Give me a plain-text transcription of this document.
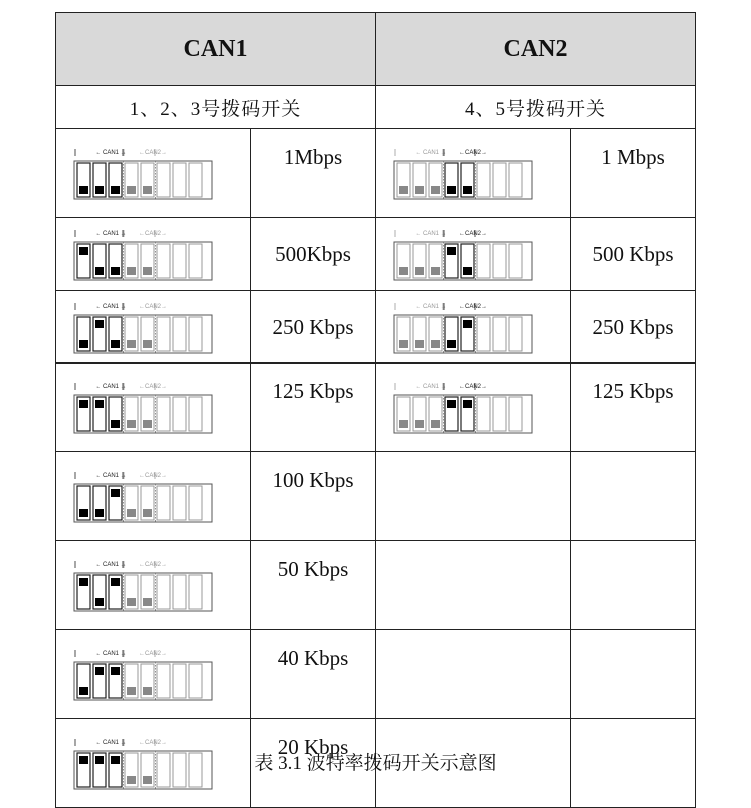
CAN1		CAN2	
1、2、3号拨码开关		4、5号拨码开关	

← CAN1 → ←CAN2→	1Mbps	← CAN1 → ←CAN2→	1 Mbps

← CAN1 → ←CAN2→	500Kbps	← CAN1 → ←CAN2→	500 Kbps

← CAN1 → ←CAN2→	250 Kbps	← CAN1 → ←CAN2→	250 Kbps
← CAN1 → ←CAN2→	125 Kbps	← CAN1 → ←CAN2→	125 Kbps

← CAN1 → ←CAN2→	100 Kbps		

← CAN1 → ←CAN2→	50 Kbps		

← CAN1 → ←CAN2→	40 Kbps		

← CAN1 → ←CAN2→	20 Kbps		
表 3.1 波特率拨码开关示意图
